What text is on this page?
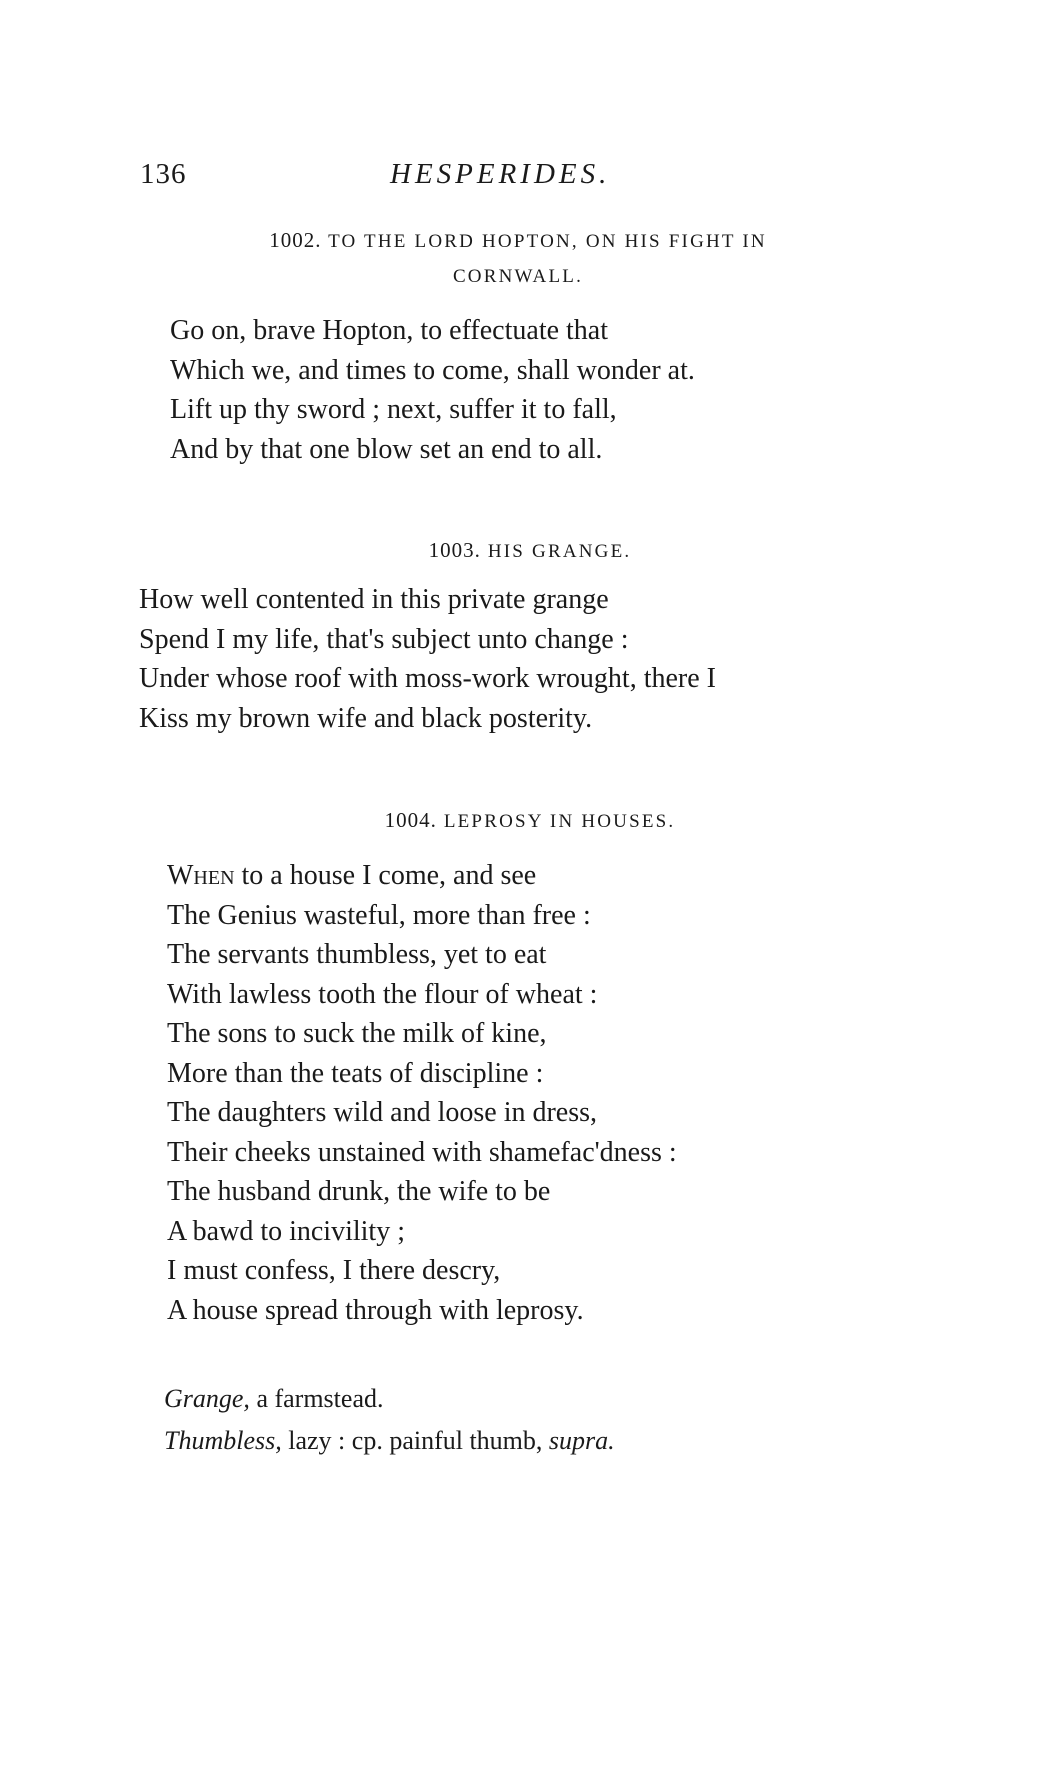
136	HESPERIDES.
1002. TO THE LORD HOPTON, ON HIS FIGHT IN
CORNWALL.
Go on, brave Hopton, to effectuate that
Which we, and times to come, shall wonder at.
Lift up thy sword ; next, suffer it to fall,
And by that one blow set an end to all.
1003. HIS GRANGE.
How well contented in this private grange
Spend I my life, that's subject unto change :
Under whose roof with moss-work wrought, there I
Kiss my brown wife and black posterity.
1004. LEPROSY IN HOUSES.
When to a house I come, and see
The Genius wasteful, more than free :
The servants thumbless, yet to eat
With lawless tooth the flour of wheat :
The sons to suck the milk of kine,
More than the teats of discipline :
The daughters wild and loose in dress,
Their cheeks unstained with shamefac'dness :
The husband drunk, the wife to be
A bawd to incivility ;
I must confess, I there descry,
A house spread through with leprosy.
Grange, a farmstead.
Thumbless, lazy : cp. painful thumb, supra.
